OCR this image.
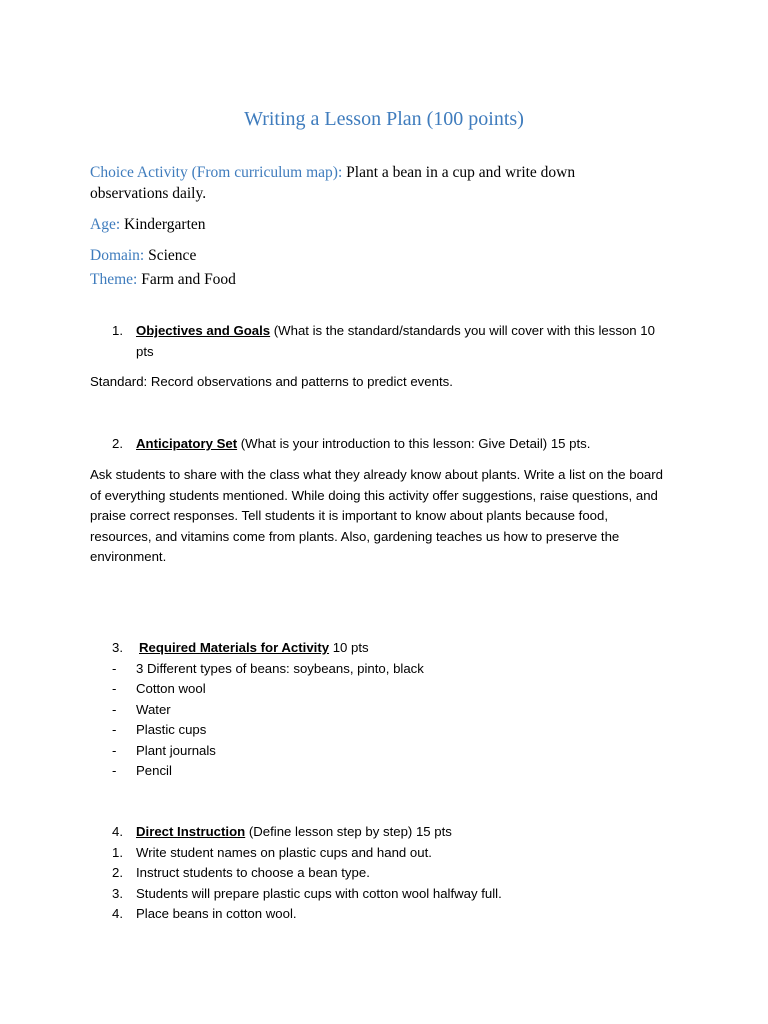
Writing a Lesson Plan (100 points)
Choice Activity (From curriculum map): Plant a bean in a cup and write down
observations daily.
Age: Kindergarten
Domain: Science
Theme: Farm and Food
1. Objectives and Goals (What is the standard/standards you will cover with this lesson 10
pts
Standard: Record observations and patterns to predict events.
2. Anticipatory Set (What is your introduction to this lesson: Give Detail) 15 pts.
Ask students to share with the class what they already know about plants. Write a list on the board of everything students mentioned. While doing this activity offer suggestions, raise questions, and praise correct responses. Tell students it is important to know about plants because food, resources, and vitamins come from plants. Also, gardening teaches us how to preserve the environment.
3. Required Materials for Activity 10 pts
- 3 Different types of beans: soybeans, pinto, black
- Cotton wool
- Water
- Plastic cups
- Plant journals
- Pencil
4. Direct Instruction (Define lesson step by step) 15 pts
1. Write student names on plastic cups and hand out.
2. Instruct students to choose a bean type.
3. Students will prepare plastic cups with cotton wool halfway full.
4. Place beans in cotton wool.
